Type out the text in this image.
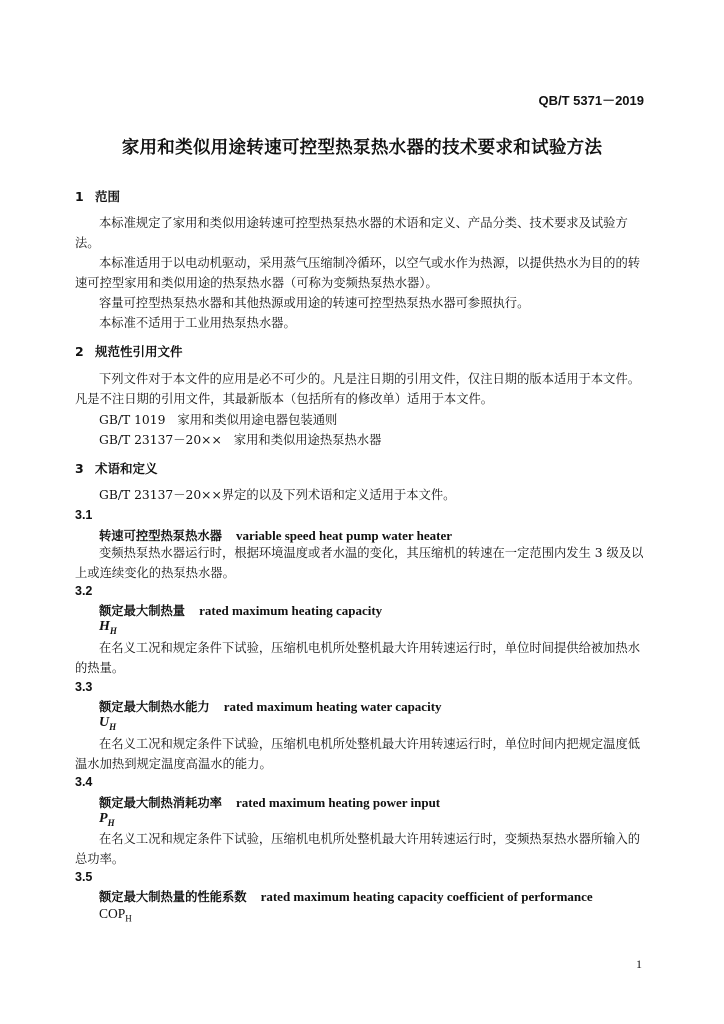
QB/T 5371－2019
家用和类似用途转速可控型热泵热水器的技术要求和试验方法
1 范围

本标准规定了家用和类似用途转速可控型热泵热水器的术语和定义、产品分类、技术要求及试验方法。

本标准适用于以电动机驱动，采用蒸气压缩制冷循环，以空气或水作为热源，以提供热水为目的的转速可控型家用和类似用途的热泵热水器（可称为变频热泵热水器）。

容量可控型热泵热水器和其他热源或用途的转速可控型热泵热水器可参照执行。

本标准不适用于工业用热泵热水器。

2 规范性引用文件

下列文件对于本文件的应用是必不可少的。凡是注日期的引用文件，仅注日期的版本适用于本文件。凡是不注日期的引用文件，其最新版本（包括所有的修改单）适用于本文件。

GB/T 1019 家用和类似用途电器包装通则
GB/T 23137－20×× 家用和类似用途热泵热水器
3 术语和定义

GB/T 23137－20××界定的以及下列术语和定义适用于本文件。

3.1
转速可控型热泵热水器 variable speed heat pump water heater

变频热泵热水器运行时，根据环境温度或者水温的变化，其压缩机的转速在一定范围内发生 3 级及以上或连续变化的热泵热水器。

3.2
额定最大制热量 rated maximum heating capacity
$H_H$

在名义工况和规定条件下试验，压缩机电机所处整机最大许用转速运行时，单位时间提供给被加热水的热量。

3.3
额定最大制热水能力 rated maximum heating water capacity
$U_H$

在名义工况和规定条件下试验，压缩机电机所处整机最大许用转速运行时，单位时间内把规定温度低温水加热到规定温度高温水的能力。

3.4
额定最大制热消耗功率 rated maximum heating power input
$P_H$

在名义工况和规定条件下试验，压缩机电机所处整机最大许用转速运行时，变频热泵热水器所输入的总功率。

3.5
额定最大制热量的性能系数 rated maximum heating capacity coefficient of performance
$COP_H$
1
